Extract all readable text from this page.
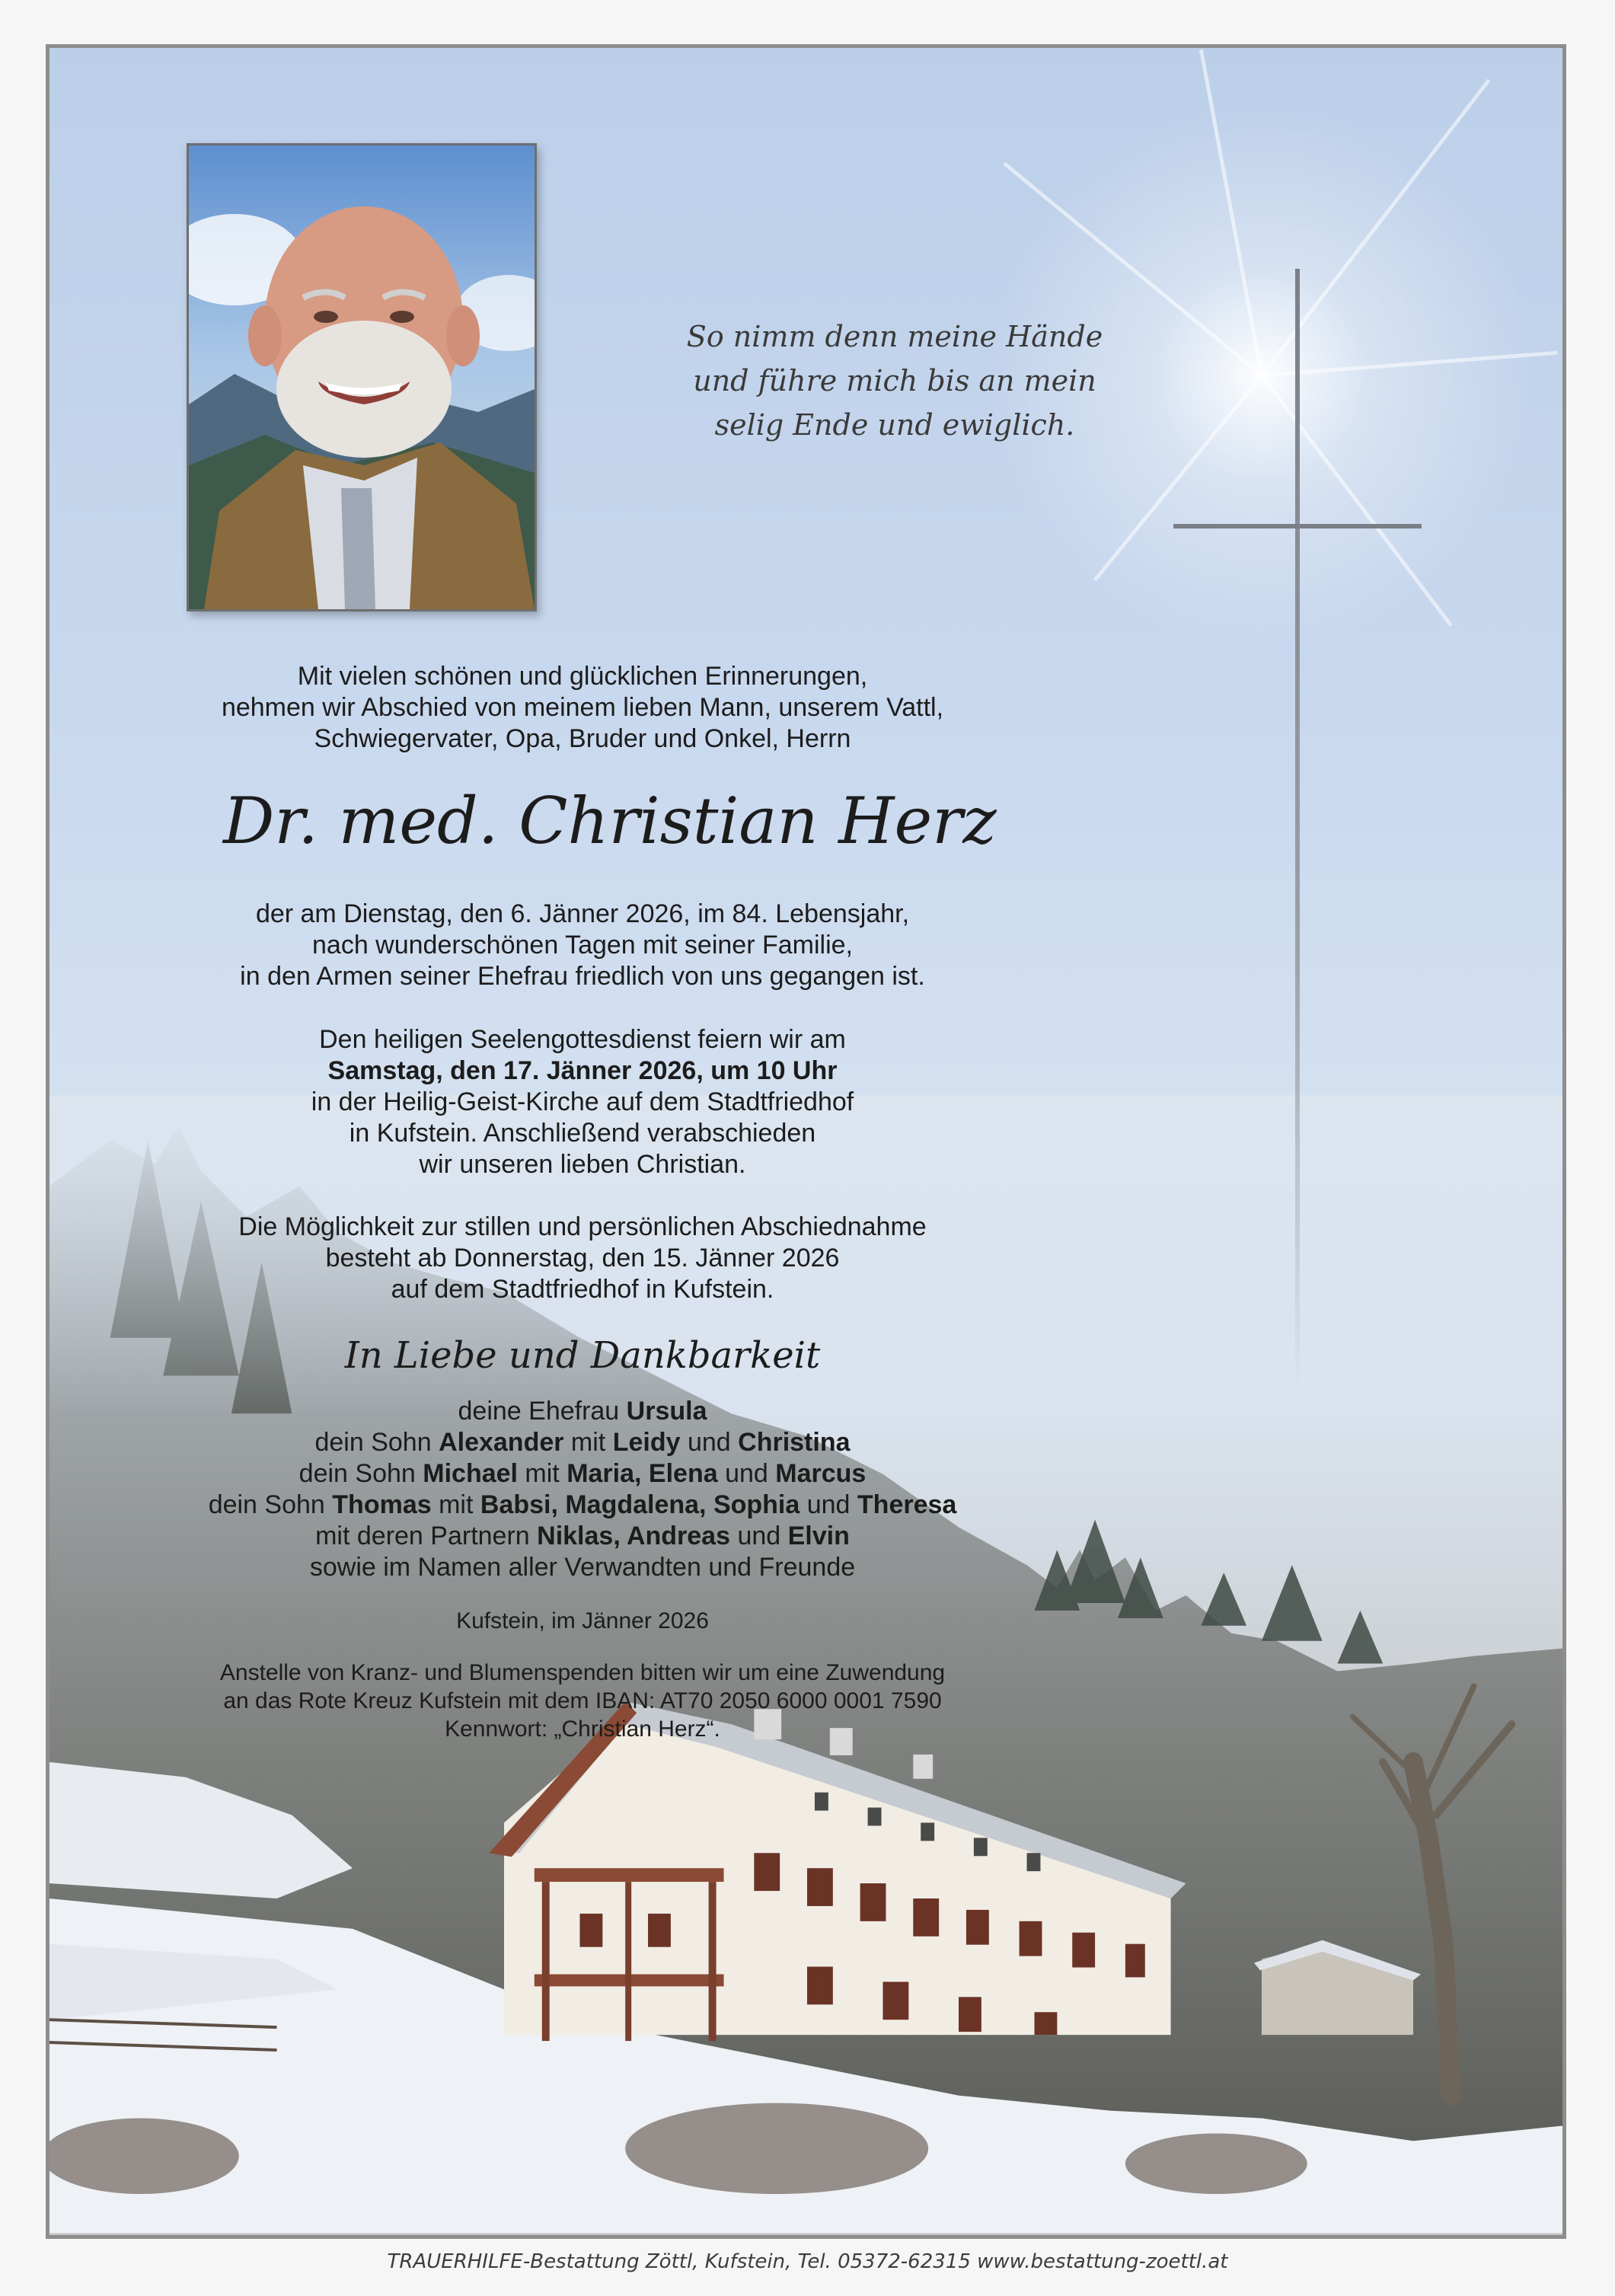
So nimm denn meine Hände
und führe mich bis an mein
selig Ende und ewiglich.
Mit vielen schönen und glücklichen Erinnerungen,
nehmen wir Abschied von meinem lieben Mann, unserem Vattl,
Schwiegervater, Opa, Bruder und Onkel, Herrn
Dr. med. Christian Herz
der am Dienstag, den 6. Jänner 2026, im 84. Lebensjahr,
nach wunderschönen Tagen mit seiner Familie,
in den Armen seiner Ehefrau friedlich von uns gegangen ist.
Den heiligen Seelengottesdienst feiern wir am
Samstag, den 17. Jänner 2026, um 10 Uhr
in der Heilig-Geist-Kirche auf dem Stadtfriedhof
in Kufstein. Anschließend verabschieden
wir unseren lieben Christian.
Die Möglichkeit zur stillen und persönlichen Abschiednahme
besteht ab Donnerstag, den 15. Jänner 2026
auf dem Stadtfriedhof in Kufstein.
In Liebe und Dankbarkeit
deine Ehefrau Ursula
dein Sohn Alexander mit Leidy und Christina
dein Sohn Michael mit Maria, Elena und Marcus
dein Sohn Thomas mit Babsi, Magdalena, Sophia und Theresa
mit deren Partnern Niklas, Andreas und Elvin
sowie im Namen aller Verwandten und Freunde
Kufstein, im Jänner 2026
Anstelle von Kranz- und Blumenspenden bitten wir um eine Zuwendung
an das Rote Kreuz Kufstein mit dem IBAN: AT70 2050 6000 0001 7590
Kennwort: „Christian Herz“.
TRAUERHILFE-Bestattung Zöttl, Kufstein, Tel. 05372-62315 www.bestattung-zoettl.at
